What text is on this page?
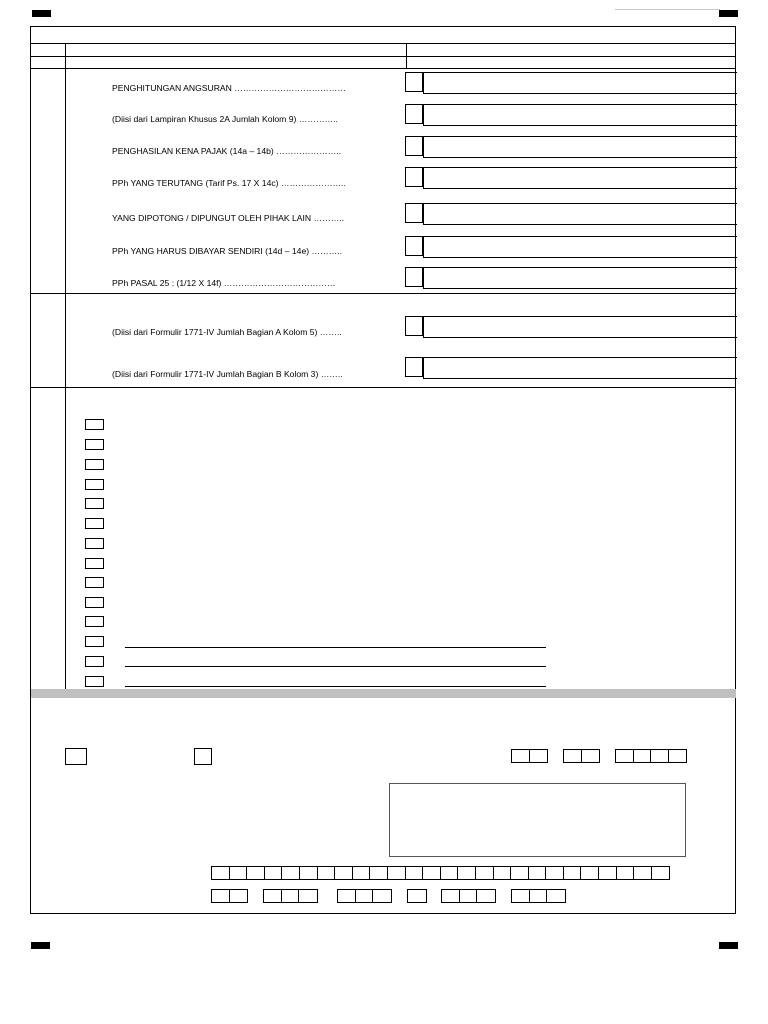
PENGHITUNGAN ANGSURAN …………………………………
(Diisi dari Lampiran Khusus 2A Jumlah Kolom 9) …………..
PENGHASILAN KENA PAJAK (14a – 14b) …………………..
PPh YANG TERUTANG (Tarif Ps. 17 X 14c) …………………..
YANG DIPOTONG / DIPUNGUT OLEH PIHAK LAIN ………..
PPh YANG HARUS DIBAYAR SENDIRI (14d – 14e) ………..
PPh PASAL 25 : (1/12 X 14f) …………………………………
(Diisi dari Formulir 1771-IV Jumlah Bagian A Kolom 5) ……..
(Diisi dari Formulir 1771-IV Jumlah Bagian B Kolom 3) ……..
